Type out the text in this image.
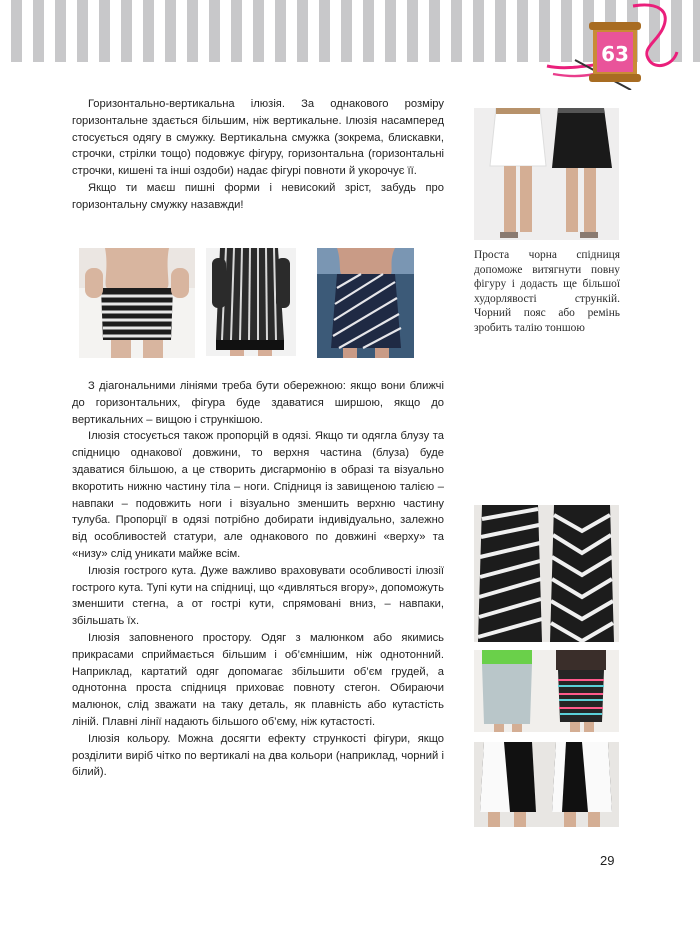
63

Горизонтально-вертикальна ілюзія. За однакового розміру горизонтальне здається більшим, ніж вертикальне. Ілюзія насамперед стосується одягу в смужку. Вертикальна смужка (зокрема, блискавки, строчки, стрілки тощо) подовжує фігуру, горизонтальна (горизонтальні строчки, кишені та інші оздоби) надає фігурі повноти й укорочує її.

Якщо ти маєш пишні форми і невисокий зріст, забудь про горизонтальну смужку назавжди!

З діагональними лініями треба бути обережною: якщо вони ближчі до горизонтальних, фігура буде здаватися ширшою, якщо до вертикальних – вищою і стрункішою.

Ілюзія стосується також пропорцій в одязі. Якщо ти одягла блузу та спідницю однакової довжини, то верхня частина (блуза) буде здаватися більшою, а це створить дисгармонію в образі та візуально вкоротить нижню частину тіла – ноги. Спідниця із завищеною талією – навпаки – подовжить ноги і візуально зменшить верхню частину тулуба. Пропорції в одязі потрібно добирати індивідуально, залежно від особливостей статури, але однакового по довжині «верху» та «низу» слід уникати майже всім.

Ілюзія гострого кута. Дуже важливо враховувати особливості ілюзії гострого кута. Тупі кути на спідниці, що «дивляться вгору», допоможуть зменшити стегна, а от гострі кути, спрямовані вниз, – навпаки, збільшать їх.

Ілюзія заповненого простору. Одяг з малюнком або якимись прикрасами сприймається більшим і об’ємнішим, ніж однотонний. Наприклад, картатий одяг допомагає збільшити об’єм грудей, а однотонна проста спідниця приховає повноту стегон. Обираючи малюнок, слід зважати на таку деталь, як плавність або кутастість ліній. Плавні лінії надають більшого об’єму, ніж кутастості.

Ілюзія кольору. Можна досягти ефекту стрункості фігури, якщо розділити виріб чітко по вертикалі на два кольори (наприклад, чорний і білий).

Проста чорна спідниця допоможе витягнути повну фігуру і додасть ще більшої худорлявості стрункій. Чорний пояс або ремінь зробить талію тоншою
29
